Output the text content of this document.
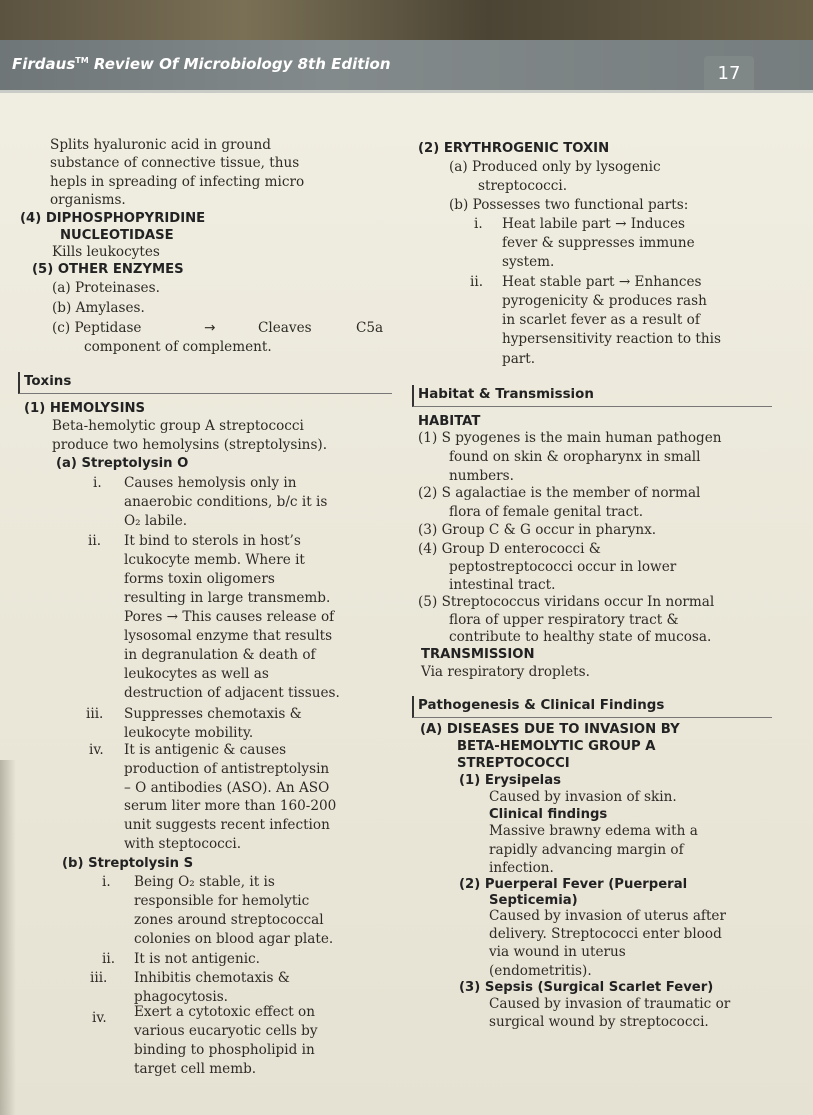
Firdaus™ Review Of Microbiology 8th Edition	17
Splits hyaluronic acid in ground
substance of connective tissue, thus
hepls in spreading of infecting micro
organisms.
(4) DIPHOSPHOPYRIDINE
NUCLEOTIDASE
Kills leukocytes
(5) OTHER ENZYMES
(a) Proteinases.
(b) Amylases.
(c) Peptidase	→	Cleaves	C5a
component of complement.
Toxins
(1) HEMOLYSINS
Beta-hemolytic group A streptococci
produce two hemolysins (streptolysins).
(a) Streptolysin O
i. Causes hemolysis only in
anaerobic conditions, b/c it is
O₂ labile.
ii. It bind to sterols in host’s
lcukocyte memb. Where it
forms toxin oligomers
resulting in large transmemb.
Pores → This causes release of
lysosomal enzyme that results
in degranulation & death of
leukocytes as well as
destruction of adjacent tissues.
iii. Suppresses chemotaxis &
leukocyte mobility.
iv. It is antigenic & causes
production of antistreptolysin
– O antibodies (ASO). An ASO
serum liter more than 160-200
unit suggests recent infection
with steptococci.
(b) Streptolysin S
i. Being O₂ stable, it is
responsible for hemolytic
zones around streptococcal
colonies on blood agar plate.
ii. It is not antigenic.
iii. Inhibitis chemotaxis &
phagocytosis.
iv. Exert a cytotoxic effect on
various eucaryotic cells by
binding to phospholipid in
target cell memb.
(2) ERYTHROGENIC TOXIN
(a) Produced only by lysogenic
streptococci.
(b) Possesses two functional parts:
i. Heat labile part → Induces
fever & suppresses immune
system.
ii. Heat stable part → Enhances
pyrogenicity & produces rash
in scarlet fever as a result of
hypersensitivity reaction to this
part.
Habitat & Transmission
HABITAT
(1) S pyogenes is the main human pathogen
found on skin & oropharynx in small
numbers.
(2) S agalactiae is the member of normal
flora of female genital tract.
(3) Group C & G occur in pharynx.
(4) Group D enterococci &
peptostreptococci occur in lower
intestinal tract.
(5) Streptococcus viridans occur In normal
flora of upper respiratory tract &
contribute to healthy state of mucosa.
TRANSMISSION
Via respiratory droplets.
Pathogenesis & Clinical Findings
(A) DISEASES DUE TO INVASION BY
BETA-HEMOLYTIC GROUP A
STREPTOCOCCI
(1) Erysipelas
Caused by invasion of skin.
Clinical findings
Massive brawny edema with a
rapidly advancing margin of
infection.
(2) Puerperal Fever (Puerperal
Septicemia)
Caused by invasion of uterus after
delivery. Streptococci enter blood
via wound in uterus
(endometritis).
(3) Sepsis (Surgical Scarlet Fever)
Caused by invasion of traumatic or
surgical wound by streptococci.
